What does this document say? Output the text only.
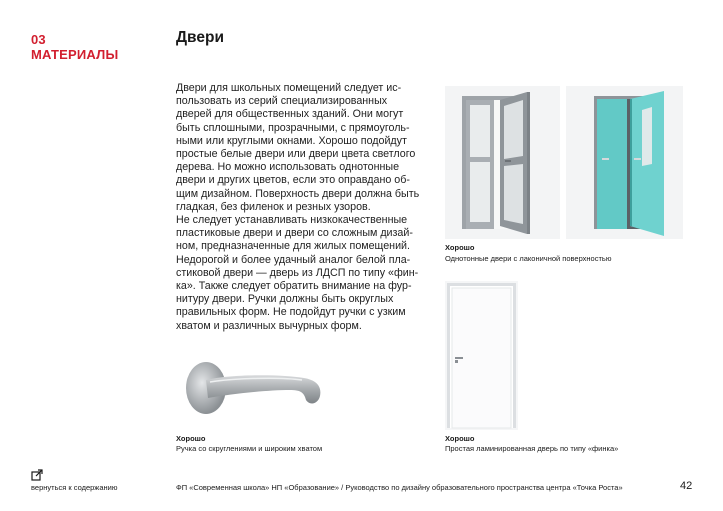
03
МАТЕРИАЛЫ
Двери

Двери для школьных помещений следует ис-
пользовать из серий специализированных
дверей для общественных зданий. Они могут
быть сплошными, прозрачными, с прямоуголь-
ными или круглыми окнами. Хорошо подойдут
простые белые двери или двери цвета светлого
дерева. Но можно использовать однотонные
двери и других цветов, если это оправдано об-
щим дизайном. Поверхность двери должна быть
гладкая, без филенок и резных узоров.
Не следует устанавливать низкокачественные
пластиковые двери и двери со сложным дизай-
ном, предназначенные для жилых помещений.
Недорогой и более удачный аналог белой пла-
стиковой двери — дверь из ЛДСП по типу «фин-
ка». Также следует обратить внимание на фур-
нитуру двери. Ручки должны быть округлых
правильных форм. Не подойдут ручки с узким
хватом и различных вычурных форм.

Хорошо
Однотонные двери с лаконичной поверхностью
Хорошо
Простая ламинированная дверь по типу «финка»
Хорошо
Ручка со скруглениями и широким хватом
вернуться к содержанию	ФП «Современная школа» НП «Образование» / Руководство по дизайну образовательного пространства центра «Точка Роста»	42
